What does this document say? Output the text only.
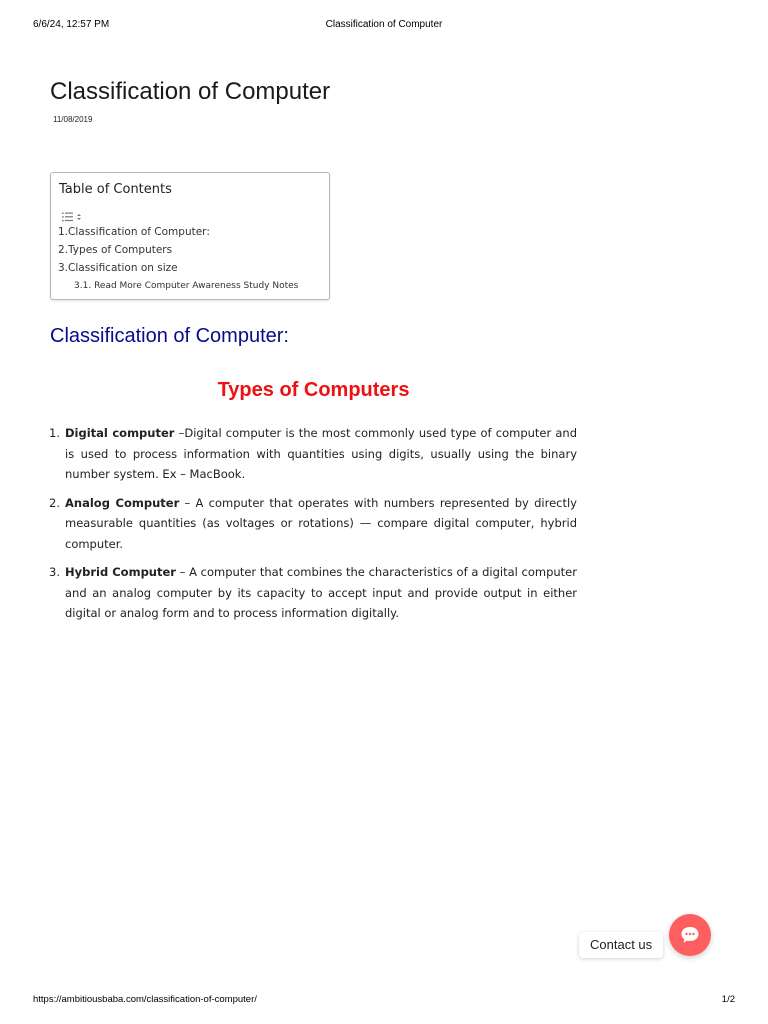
6/6/24, 12:57 PM	Classification of Computer
Classification of Computer
11/08/2019
Table of Contents
1.Classification of Computer:
2.Types of Computers
3.Classification on size
3.1. Read More Computer Awareness Study Notes
Classification of Computer:
Types of Computers
1. Digital computer –Digital computer is the most commonly used type of computer and is used to process information with quantities using digits, usually using the binary number system. Ex – MacBook.
2. Analog Computer – A computer that operates with numbers represented by directly measurable quantities (as voltages or rotations) — compare digital computer, hybrid computer.
3. Hybrid Computer – A computer that combines the characteristics of a digital computer and an analog computer by its capacity to accept input and provide output in either digital or analog form and to process information digitally.
Contact us
https://ambitiousbaba.com/classification-of-computer/	1/2
